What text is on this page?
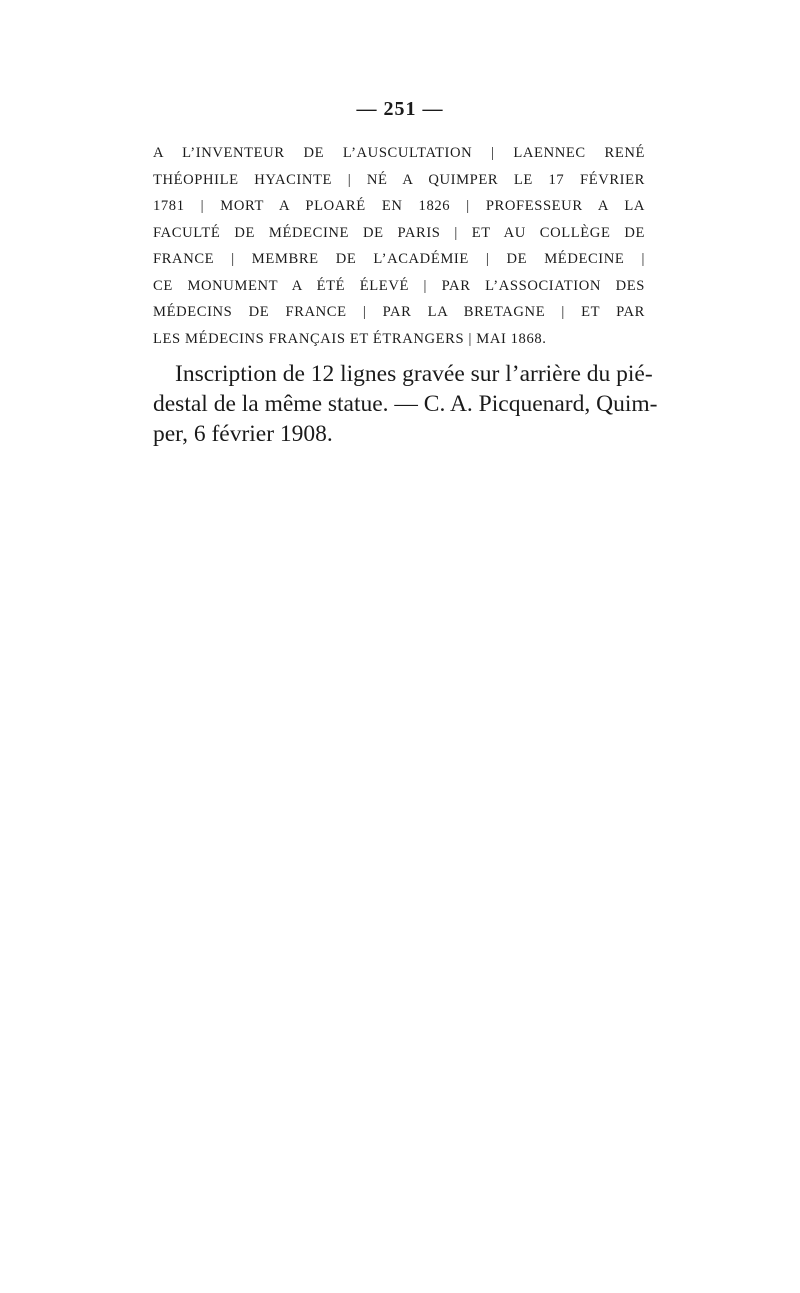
— 251 —
A L’INVENTEUR DE L’AUSCULTATION | LAENNEC RENÉ
THÉOPHILE HYACINTE | NÉ A QUIMPER LE 17 FÉVRIER
1781 | MORT A PLOARÉ EN 1826 | PROFESSEUR A LA
FACULTÉ DE MÉDECINE DE PARIS | ET AU COLLÈGE DE
FRANCE | MEMBRE DE L’ACADÉMIE | DE MÉDECINE |
CE MONUMENT A ÉTÉ ÉLEVÉ | PAR L’ASSOCIATION DES
MÉDECINS DE FRANCE | PAR LA BRETAGNE | ET PAR
LES MÉDECINS FRANÇAIS ET ÉTRANGERS | MAI 1868.
Inscription de 12 lignes gravée sur l’arrière du pié-
destal de la même statue. — C. A. Picquenard, Quim-
per, 6 février 1908.
